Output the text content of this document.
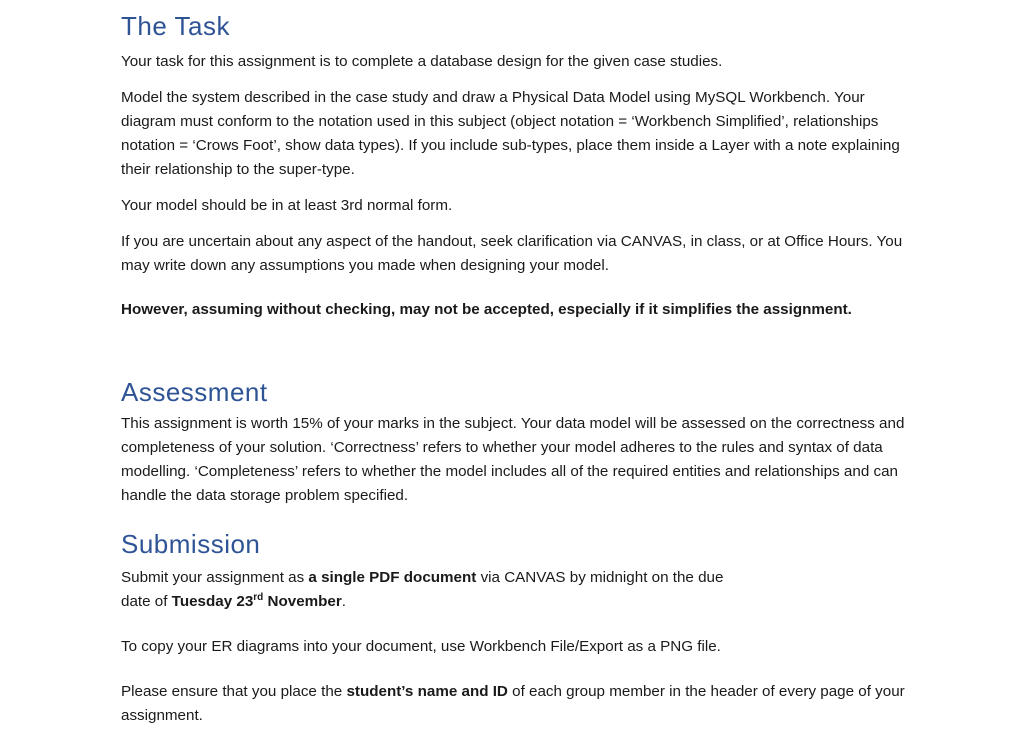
The Task

Your task for this assignment is to complete a database design for the given case studies.

Model the system described in the case study and draw a Physical Data Model using MySQL Workbench. Your diagram must conform to the notation used in this subject (object notation = ‘Workbench Simplified’, relationships notation = ‘Crows Foot’, show data types). If you include sub-types, place them inside a Layer with a note explaining their relationship to the super-type.

Your model should be in at least 3rd normal form.

If you are uncertain about any aspect of the handout, seek clarification via CANVAS, in class, or at Office Hours. You may write down any assumptions you made when designing your model.

However, assuming without checking, may not be accepted, especially if it simplifies the assignment.

Assessment

This assignment is worth 15% of your marks in the subject. Your data model will be assessed on the correctness and completeness of your solution. ‘Correctness’ refers to whether your model adheres to the rules and syntax of data modelling. ‘Completeness’ refers to whether the model includes all of the required entities and relationships and can handle the data storage problem specified.

Submission

Submit your assignment as a single PDF document via CANVAS by midnight on the due
date of Tuesday 23rd November.

To copy your ER diagrams into your document, use Workbench File/Export as a PNG file.

Please ensure that you place the student’s name and ID of each group member in the header of every page of your assignment.
